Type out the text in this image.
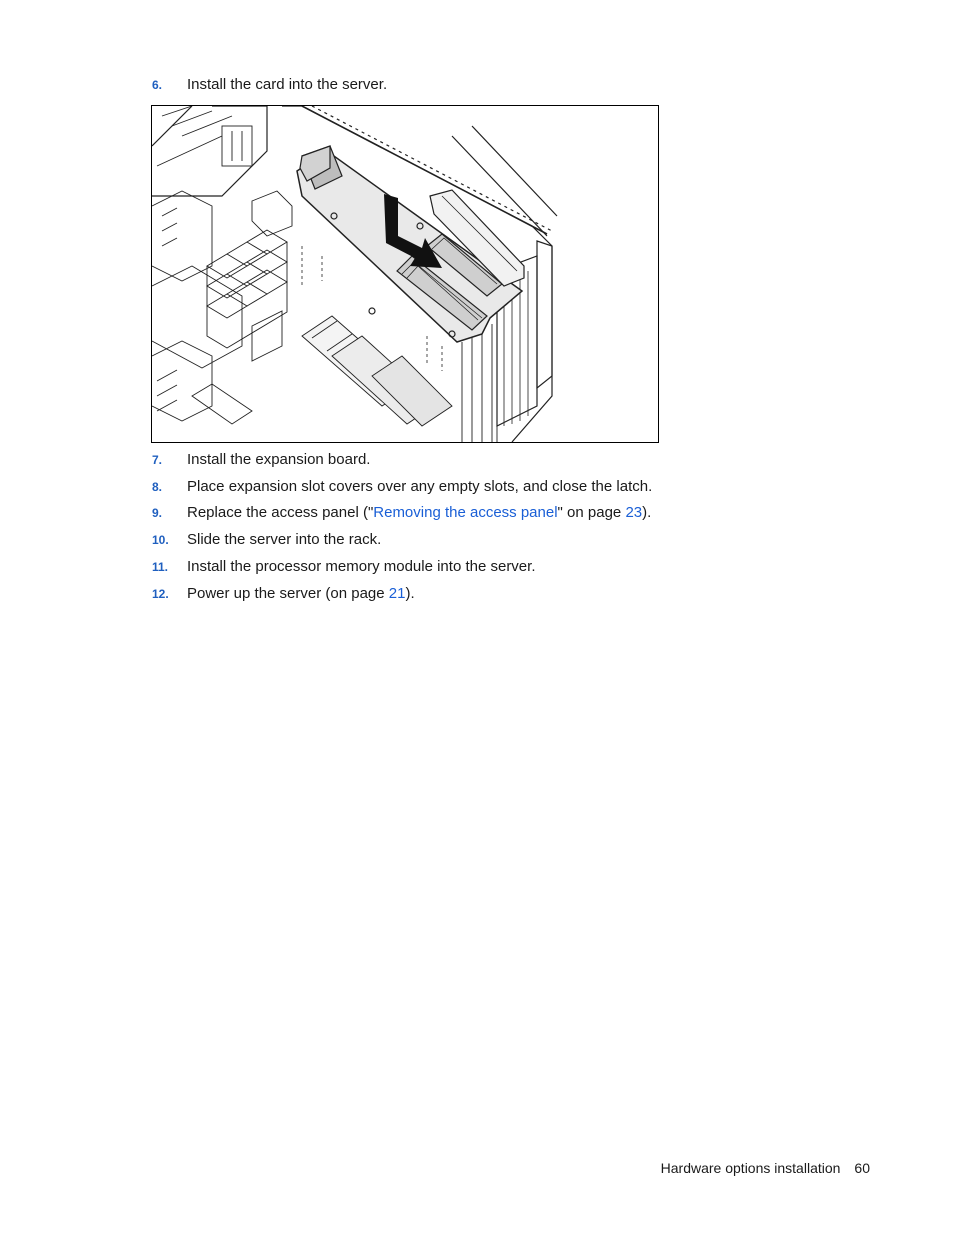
6. Install the card into the server.
7. Install the expansion board.
8. Place expansion slot covers over any empty slots, and close the latch.
9. Replace the access panel ("Removing the access panel" on page 23).
10. Slide the server into the rack.
11. Install the processor memory module into the server.
12. Power up the server (on page 21).
Hardware options installation 60
